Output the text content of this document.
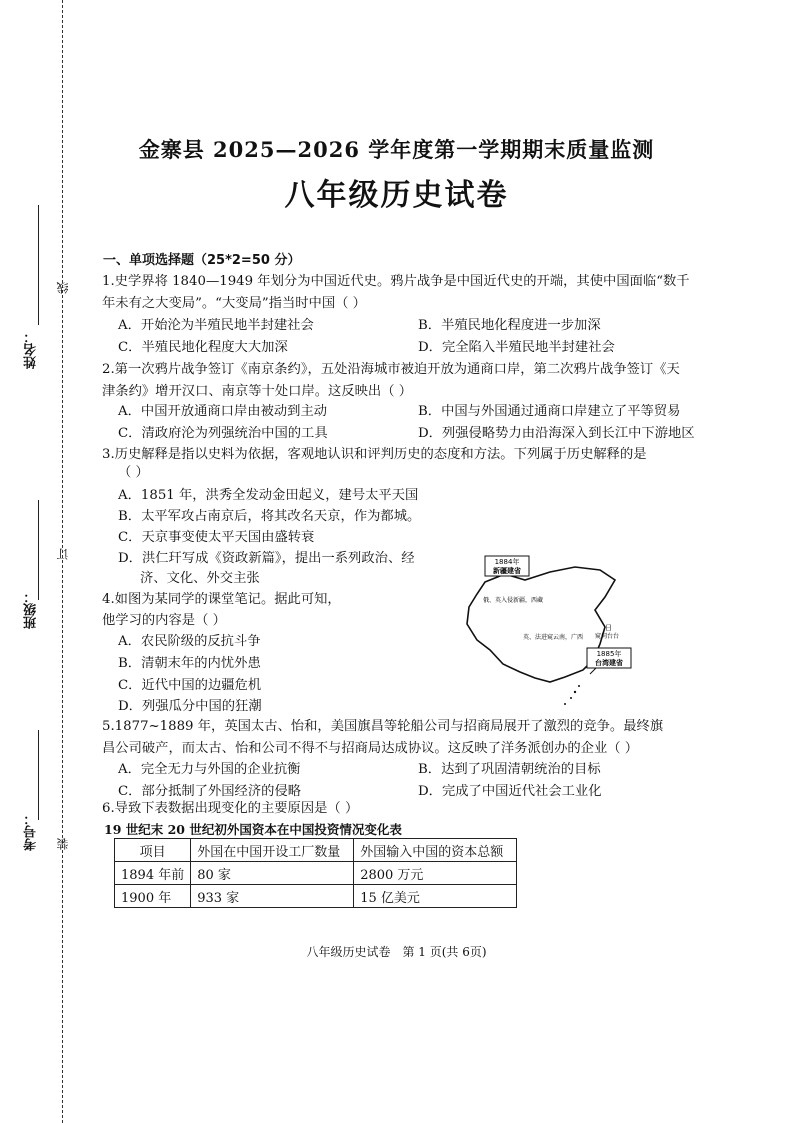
姓名：
班级：
考号：
线
订
装
金寨县 2025—2026 学年度第一学期期末质量监测
八年级历史试卷
一、单项选择题（25*2=50 分）
1.史学界将 1840—1949 年划分为中国近代史。鸦片战争是中国近代史的开端，其使中国面临“数千
年未有之大变局”。“大变局”指当时中国（ ）
A．开始沦为半殖民地半封建社会	B．半殖民地化程度进一步加深
C．半殖民地化程度大大加深	D．完全陷入半殖民地半封建社会
2.第一次鸦片战争签订《南京条约》，五处沿海城市被迫开放为通商口岸，第二次鸦片战争签订《天
津条约》增开汉口、南京等十处口岸。这反映出（ ）
A．中国开放通商口岸由被动到主动	B．中国与外国通过通商口岸建立了平等贸易
C．清政府沦为列强统治中国的工具	D．列强侵略势力由沿海深入到长江中下游地区
3.历史解释是指以史料为依据，客观地认识和评判历史的态度和方法。下列属于历史解释的是
（ ）
A．1851 年，洪秀全发动金田起义，建号太平天国
B．太平军攻占南京后，将其改名天京，作为都城。
C．天京事变使太平天国由盛转衰
D．洪仁玕写成《资政新篇》，提出一系列政治、经
济、文化、外交主张
4.如图为某同学的课堂笔记。据此可知，
他学习的内容是（ ）
A．农民阶级的反抗斗争
B．清朝末年的内忧外患
C．近代中国的边疆危机
D．列强瓜分中国的狂潮
1884年
新疆建省
俄、英入侵新疆，西藏
英、法进窥云南，广西
日
窥伺台台
1885年
台湾建省
5.1877~1889 年，英国太古、怡和，美国旗昌等轮船公司与招商局展开了激烈的竞争。最终旗
昌公司破产，而太古、怡和公司不得不与招商局达成协议。这反映了洋务派创办的企业（ ）
A．完全无力与外国的企业抗衡	B．达到了巩固清朝统治的目标
C．部分抵制了外国经济的侵略	D．完成了中国近代社会工业化
6.导致下表数据出现变化的主要原因是（ ）
19 世纪末 20 世纪初外国资本在中国投资情况变化表
项目	外国在中国开设工厂数量	外国输入中国的资本总额
1894 年前	80 家	2800 万元
1900 年	933 家	15 亿美元
八年级历史试卷　第 1 页(共 6页)
